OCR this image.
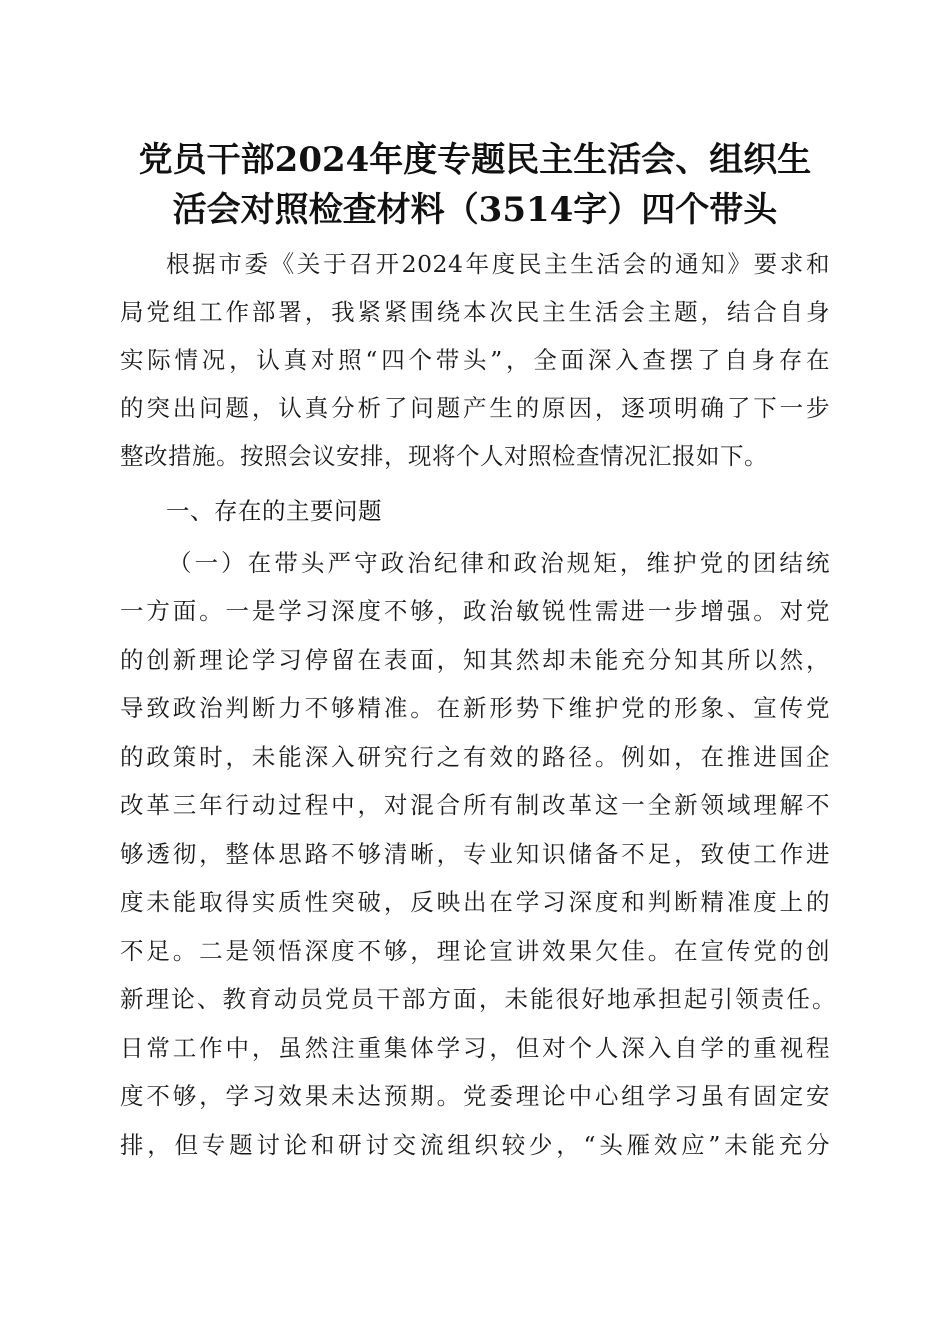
党员干部2024年度专题民主生活会、组织生
活会对照检查材料（3514字）四个带头
根据市委《关于召开2024年度民主生活会的通知》要求和
局党组工作部署，我紧紧围绕本次民主生活会主题，结合自身
实际情况，认真对照“四个带头”，全面深入查摆了自身存在
的突出问题，认真分析了问题产生的原因，逐项明确了下一步
整改措施。按照会议安排，现将个人对照检查情况汇报如下。
一、存在的主要问题
（一）在带头严守政治纪律和政治规矩，维护党的团结统
一方面。一是学习深度不够，政治敏锐性需进一步增强。对党
的创新理论学习停留在表面，知其然却未能充分知其所以然，
导致政治判断力不够精准。在新形势下维护党的形象、宣传党
的政策时，未能深入研究行之有效的路径。例如，在推进国企
改革三年行动过程中，对混合所有制改革这一全新领域理解不
够透彻，整体思路不够清晰，专业知识储备不足，致使工作进
度未能取得实质性突破，反映出在学习深度和判断精准度上的
不足。二是领悟深度不够，理论宣讲效果欠佳。在宣传党的创
新理论、教育动员党员干部方面，未能很好地承担起引领责任。
日常工作中，虽然注重集体学习，但对个人深入自学的重视程
度不够，学习效果未达预期。党委理论中心组学习虽有固定安
排，但专题讨论和研讨交流组织较少，“头雁效应”未能充分
